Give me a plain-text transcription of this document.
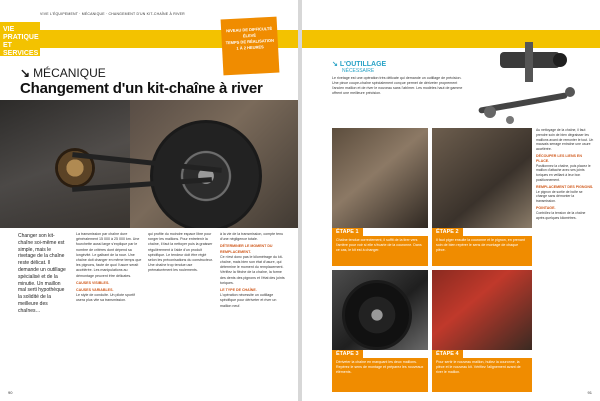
VIE PRATIQUE ET SERVICES
VIVE L'ÉQUIPEMENT · MÉCANIQUE · CHANGEMENT D'UN KIT-CHAÎNE À RIVER
NIVEAU DE DIFFICULTÉ
ÉLEVÉ
TEMPS DE RÉALISATION
1 À 2 HEURES
↘ MÉCANIQUE
Changement d'un kit-chaîne à river
Changer son kit-chaîne soi-même est simple, mais le rivetage de la chaîne reste délicat. Il demande un outillage spécialisé et de la minutie. Un maillon mal serti hypothèque la solidité de la meilleure des chaînes…

La transmission par chaîne dure généralement 15 000 à 25 000 km. Une fourchette aussi large s'explique par le nombre de critères dont dépend sa longévité. Le galbant de la roue. Une chaîne doit changer en même temps que les pignons, faute de quoi l'usure serait accélérée. Les manipulations au démontage peuvent être délicates.

CAUSES VISIBLES.
CAUSES VARIABLES.

Le style de conduite. Un pilote sportif usera plus vite sa transmission.

qui profite du moindre espace libre pour ronger les maillons. Pour entretenir la chaîne, il faut la nettoyer puis la graisser régulièrement à l'aide d'un produit spécifique. Le tendeur doit être réglé selon les préconisations du constructeur. Une chaîne trop tendue use prématurément les roulements.

à la vie de la transmission, compte tenu d'une négligence totale.

DÉTERMINER LE MOMENT DU REMPLACEMENT.

Ce n'est donc pas le kilométrage du kit-chaîne, mais bien son état d'usure, qui détermine le moment du remplacement. Vérifiez la flèche de la chaîne, la forme des dents des pignons et l'état des joints toriques.

LE TYPE DE CHAÎNE.

L'opération nécessite un outillage spécifique pour dériveter et river un maillon neuf.

90
↘ L'OUTILLAGE
NÉCESSAIRE
Le rivetage est une opération très délicate qui demande un outillage de précision. Une pince coupe-chaîne spécialement conçue permet de dériveter proprement l'ancien maillon et de river le nouveau sans l'abîmer. Les modèles haut de gamme offrent une meilleure précision.
ÉTAPE 1
Chaîne tendue correctement, il suffit de la tirer vers l'arrière pour voir si elle s'écarte de la couronne. Dans ce cas, le kit est à changer.
ÉTAPE 2
Il faut piger ensuite la couronne et le pignon, en prenant soin de bien repérer le sens de montage de chaque pièce.
ÉTAPE 3
Dériveter la chaîne en marquant les deux maillons. Repérez le sens de montage et préparez les nouveaux éléments.
ÉTAPE 4
Pour sertir le nouveau maillon, huilez la couronne, la pièce et le nouveau kit. Vérifiez l'alignement avant de river le maillon.

Au nettoyage de la chaîne, il faut prendre soin de bien dégraisser les maillons avant de remonter le tout. Un mauvais serrage entraîne une usure accélérée.

DÉCOUPER LES LIENS EN PLACE.

Positionnez la chaîne, puis placez le maillon d'attache avec ses joints toriques en veillant à leur bon positionnement.

REMPLACEMENT DES PIGNONS.

Le pignon de sortie de boîte se change sans démonter la transmission.

POINTAGE.

Contrôlez la tension de la chaîne après quelques kilomètres.

91
